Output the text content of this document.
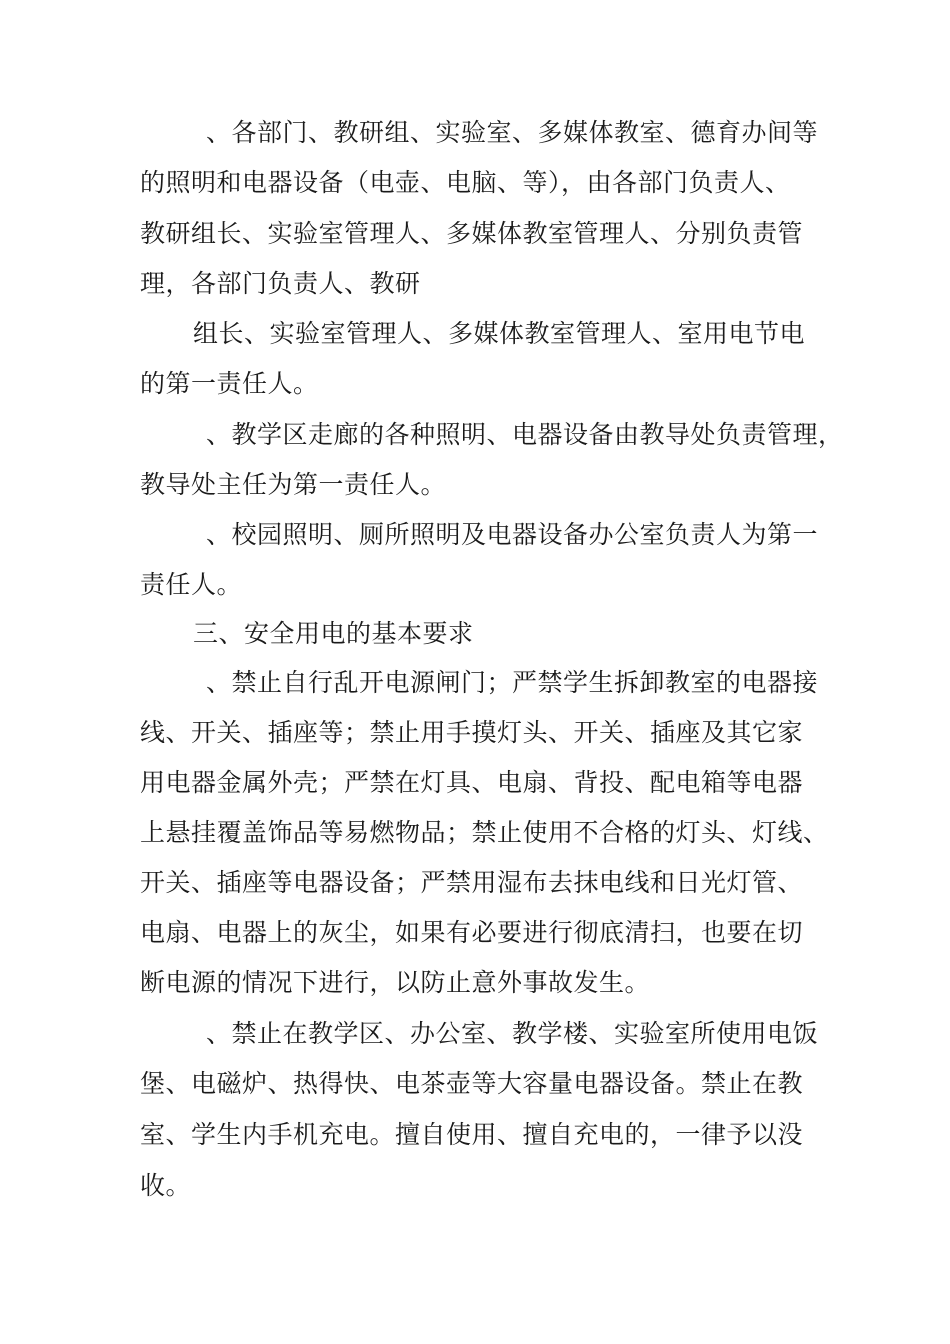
、各部门、教研组、实验室、多媒体教室、德育办间等
的照明和电器设备（电壶、电脑、等），由各部门负责人、
教研组长、实验室管理人、多媒体教室管理人、分别负责管
理，各部门负责人、教研
组长、实验室管理人、多媒体教室管理人、室用电节电
的第一责任人。
、教学区走廊的各种照明、电器设备由教导处负责管理，
教导处主任为第一责任人。
、校园照明、厕所照明及电器设备办公室负责人为第一
责任人。
三、安全用电的基本要求
、禁止自行乱开电源闸门；严禁学生拆卸教室的电器接
线、开关、插座等；禁止用手摸灯头、开关、插座及其它家
用电器金属外壳；严禁在灯具、电扇、背投、配电箱等电器
上悬挂覆盖饰品等易燃物品；禁止使用不合格的灯头、灯线、
开关、插座等电器设备；严禁用湿布去抹电线和日光灯管、
电扇、电器上的灰尘，如果有必要进行彻底清扫，也要在切
断电源的情况下进行，以防止意外事故发生。
、禁止在教学区、办公室、教学楼、实验室所使用电饭
堡、电磁炉、热得快、电茶壶等大容量电器设备。禁止在教
室、学生内手机充电。擅自使用、擅自充电的，一律予以没
收。
